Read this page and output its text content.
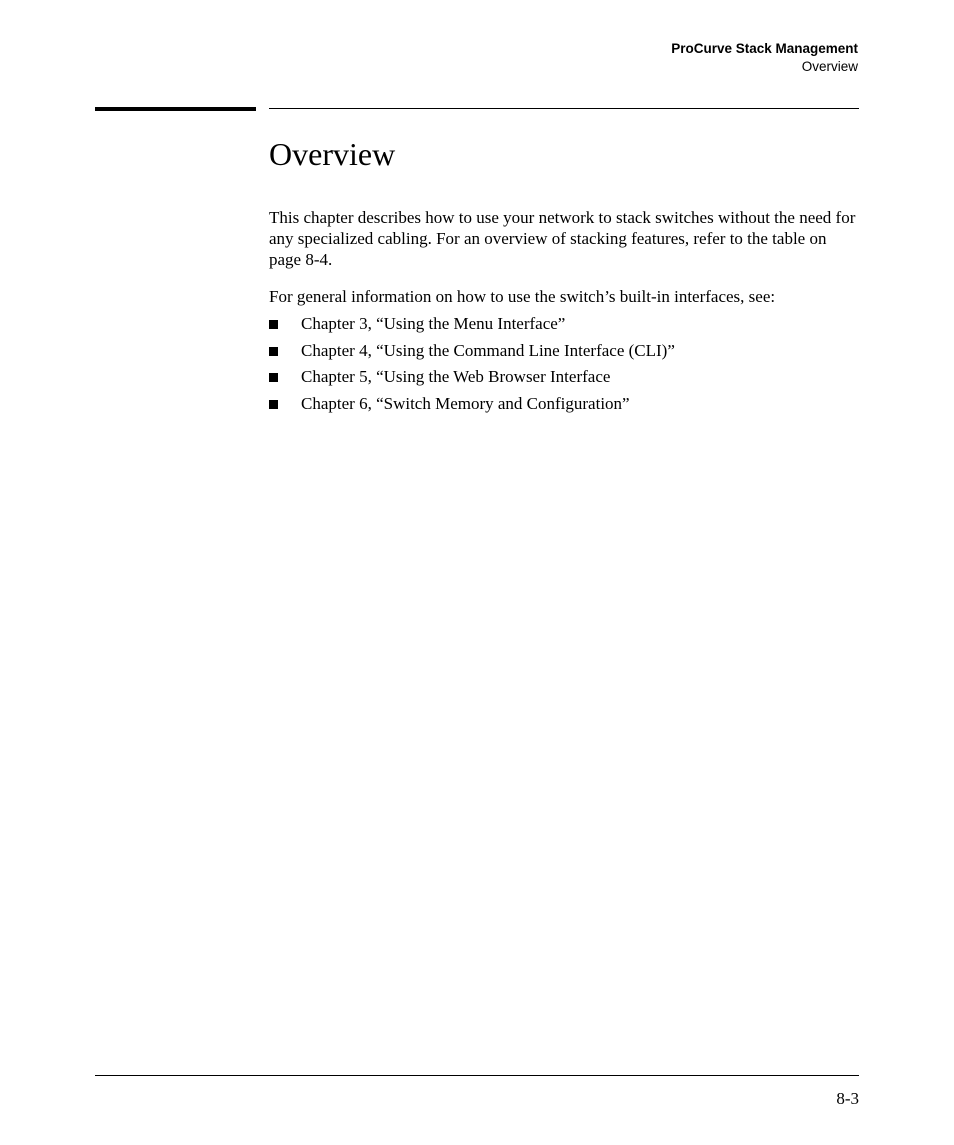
ProCurve Stack Management
Overview
Overview

This chapter describes how to use your network to stack switches without the need for any specialized cabling. For an overview of stacking features, refer to the table on page 8-4.

For general information on how to use the switch’s built-in interfaces, see:

Chapter 3, “Using the Menu Interface”
Chapter 4, “Using the Command Line Interface (CLI)”
Chapter 5, “Using the Web Browser Interface
Chapter 6, “Switch Memory and Configuration”
8-3
